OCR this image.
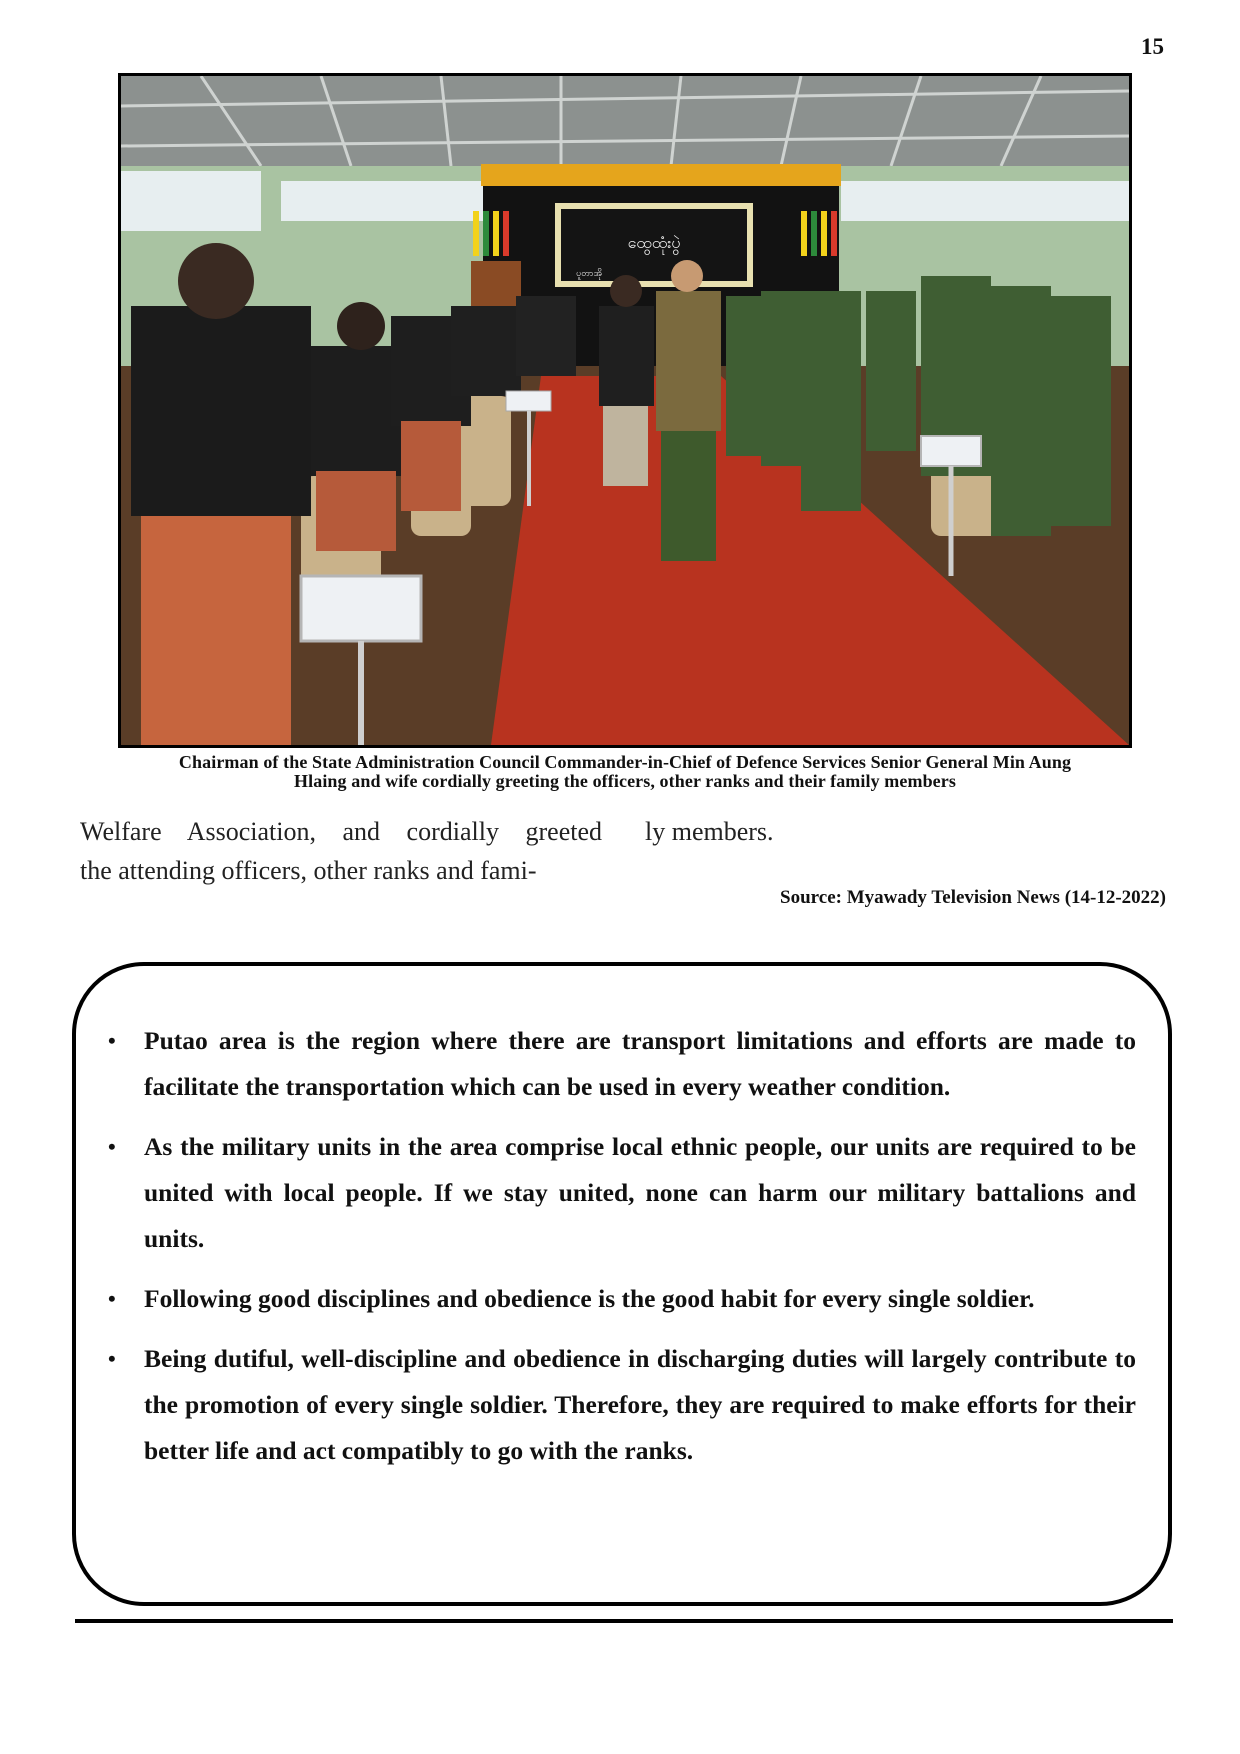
15
ထွေထုံးပွဲ
ပူတာအို
Chairman of the State Administration Council Commander-in-Chief of Defence Services Senior General Min Aung
Hlaing and wife cordially greeting the officers, other ranks and their family members
Welfare Association, and cordially greeted
the attending officers, other ranks and fami-
ly members.
Source: Myawady Television News (14-12-2022)
• Putao area is the region where there are transport limitations and efforts are made to facilitate the transportation which can be used in every weather condition.
• As the military units in the area comprise local ethnic people, our units are required to be united with local people. If we stay united, none can harm our military battalions and units.
• Following good disciplines and obedience is the good habit for every single soldier.
• Being dutiful, well-discipline and obedience in discharging duties will largely contribute to the promotion of every single soldier. Therefore, they are required to make efforts for their better life and act compatibly to go with the ranks.
